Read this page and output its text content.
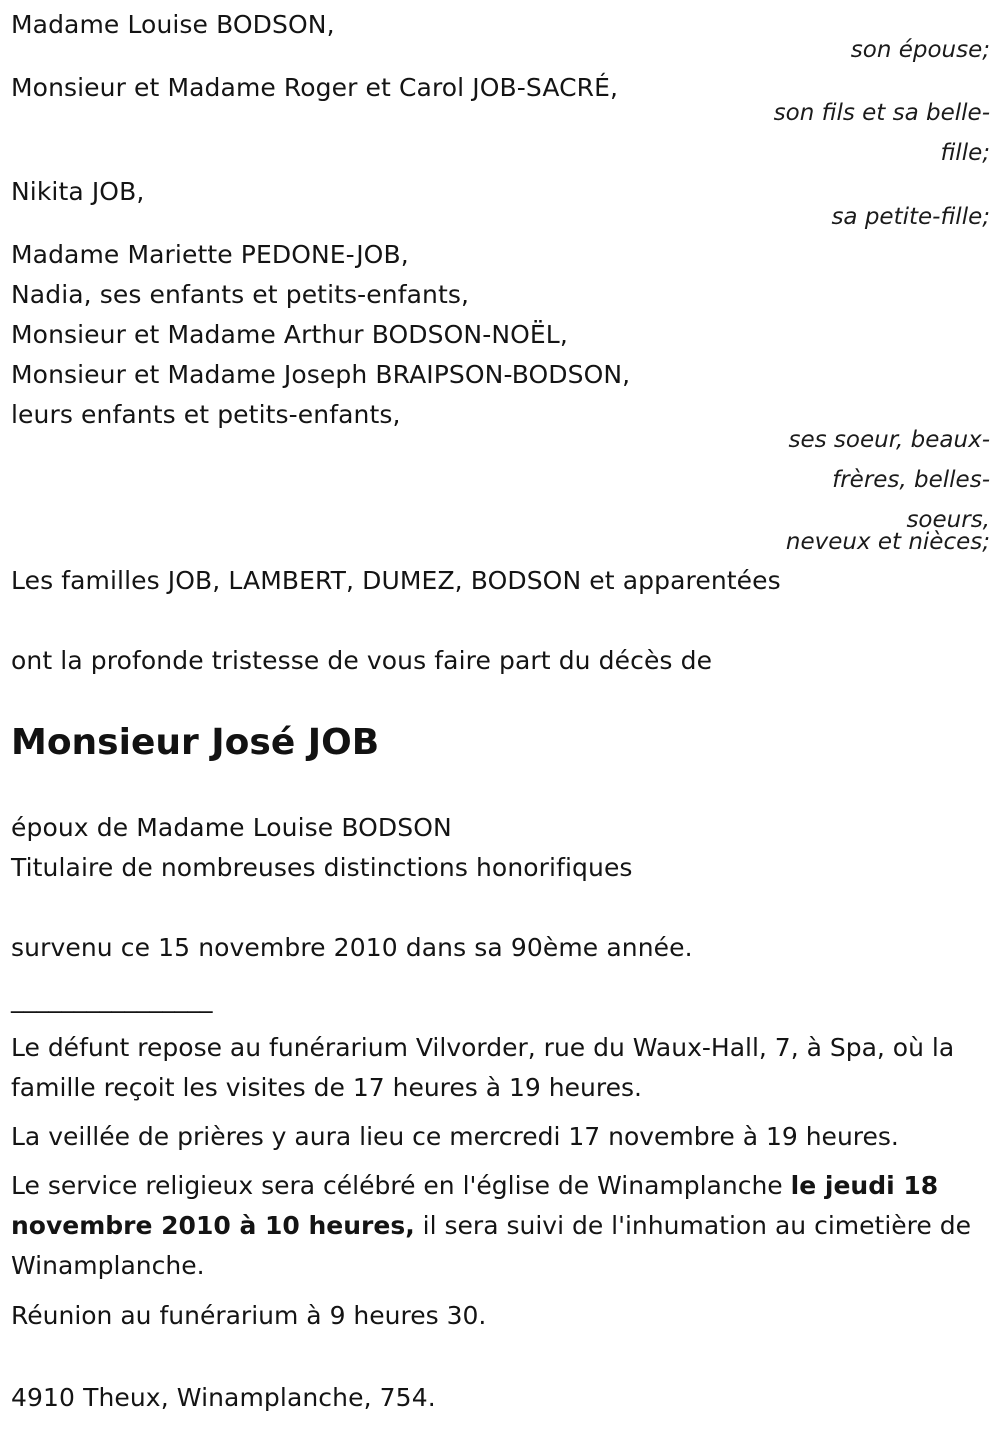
Madame Louise BODSON,
son épouse;
Monsieur et Madame Roger et Carol JOB-SACRÉ,
son fils et sa belle-
fille;
Nikita JOB,
sa petite-fille;
Madame Mariette PEDONE-JOB,
Nadia, ses enfants et petits-enfants,
Monsieur et Madame Arthur BODSON-NOËL,
Monsieur et Madame Joseph BRAIPSON-BODSON,
leurs enfants et petits-enfants,
ses soeur, beaux-
frères, belles-
soeurs,
neveux et nièces;
Les familles JOB, LAMBERT, DUMEZ, BODSON et apparentées
ont la profonde tristesse de vous faire part du décès de
Monsieur José JOB
époux de Madame Louise BODSON
Titulaire de nombreuses distinctions honorifiques
survenu ce 15 novembre 2010 dans sa 90ème année.
________________
Le défunt repose au funérarium Vilvorder, rue du Waux-Hall, 7, à Spa, où la famille reçoit les visites de 17 heures à 19 heures.
La veillée de prières y aura lieu ce mercredi 17 novembre à 19 heures.
Le service religieux sera célébré en l'église de Winamplanche le jeudi 18 novembre 2010 à 10 heures, il sera suivi de l'inhumation au cimetière de Winamplanche.
Réunion au funérarium à 9 heures 30.
4910 Theux, Winamplanche, 754.
